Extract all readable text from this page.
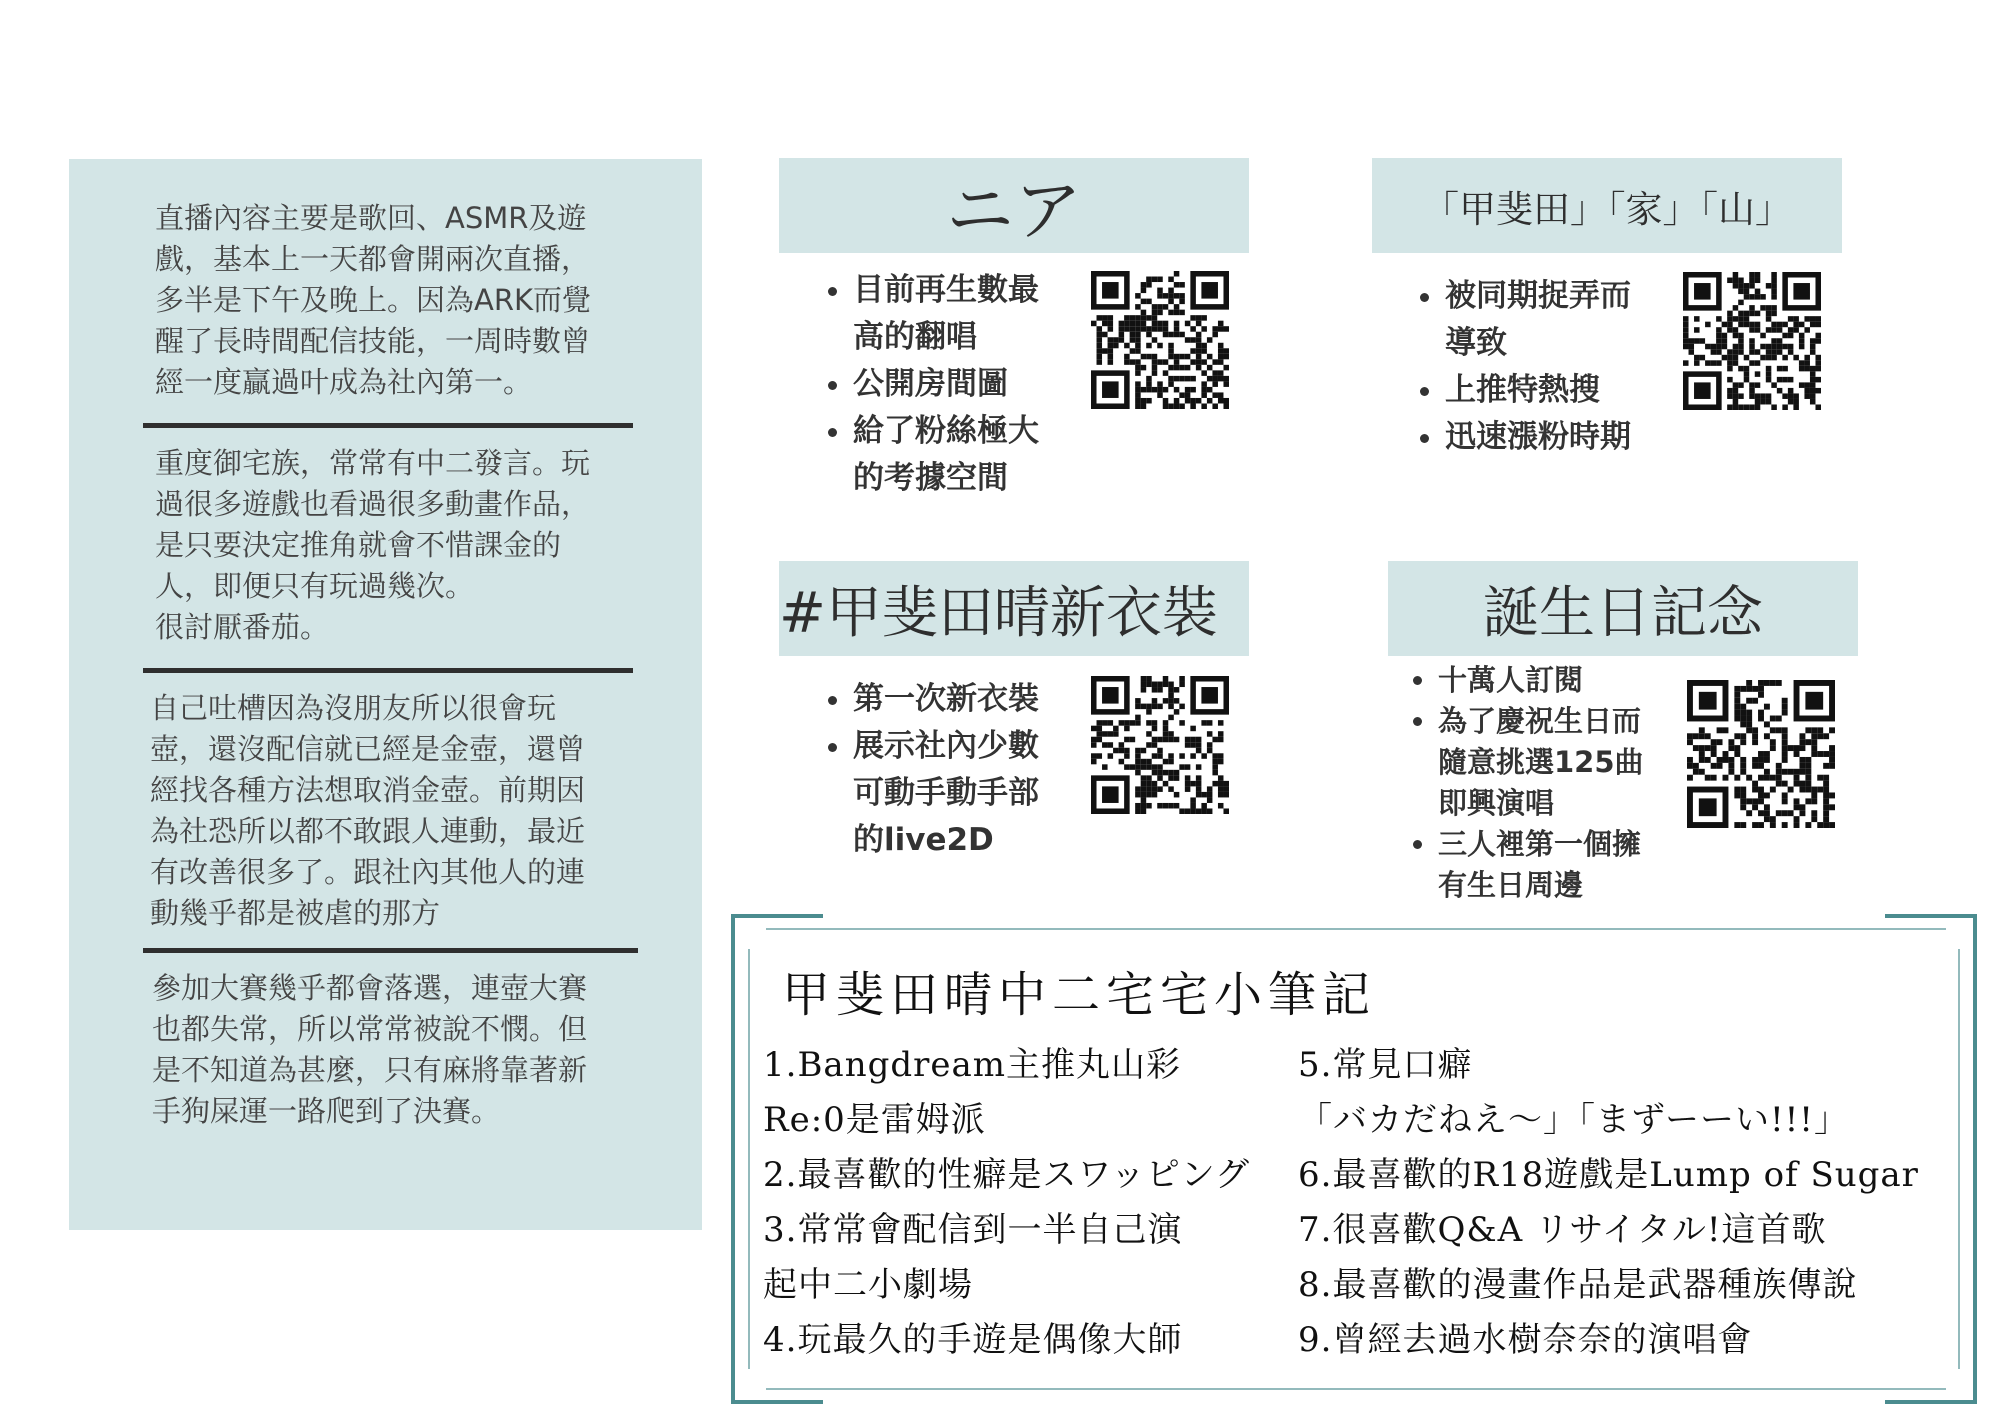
直播內容主要是歌回、ASMR及遊
戲，基本上一天都會開兩次直播，
多半是下午及晚上。因為ARK而覺
醒了長時間配信技能，一周時數曾
經一度贏過叶成為社內第一。
重度御宅族，常常有中二發言。玩
過很多遊戲也看過很多動畫作品，
是只要決定推角就會不惜課金的
人，即便只有玩過幾次。
很討厭番茄。
自己吐槽因為沒朋友所以很會玩
壺，還沒配信就已經是金壺，還曾
經找各種方法想取消金壺。前期因
為社恐所以都不敢跟人連動，最近
有改善很多了。跟社內其他人的連
動幾乎都是被虐的那方
參加大賽幾乎都會落選，連壺大賽
也都失常，所以常常被說不憫。但
是不知道為甚麼，只有麻將靠著新
手狗屎運一路爬到了決賽。
ニア
• 目前再生數最
高的翻唱
• 公開房間圖
• 給了粉絲極大
的考據空間
「甲斐田」「家」「山」
• 被同期捉弄而
導致
• 上推特熱搜
• 迅速漲粉時期
#甲斐田晴新衣裝
• 第一次新衣裝
• 展示社內少數
可動手動手部
的live2D
誕生日記念
• 十萬人訂閱
• 為了慶祝生日而
隨意挑選125曲
即興演唱
• 三人裡第一個擁
有生日周邊
甲斐田晴中二宅宅小筆記
1.Bangdream主推丸山彩
Re:0是雷姆派
2.最喜歡的性癖是スワッピング
3.常常會配信到一半自己演
起中二小劇場
4.玩最久的手遊是偶像大師
5.常見口癖
「バカだねえ～」「まずーーい!!!」
6.最喜歡的R18遊戲是Lump of Sugar
7.很喜歡Q&A リサイタル!這首歌
8.最喜歡的漫畫作品是武器種族傳說
9.曾經去過水樹奈奈的演唱會
